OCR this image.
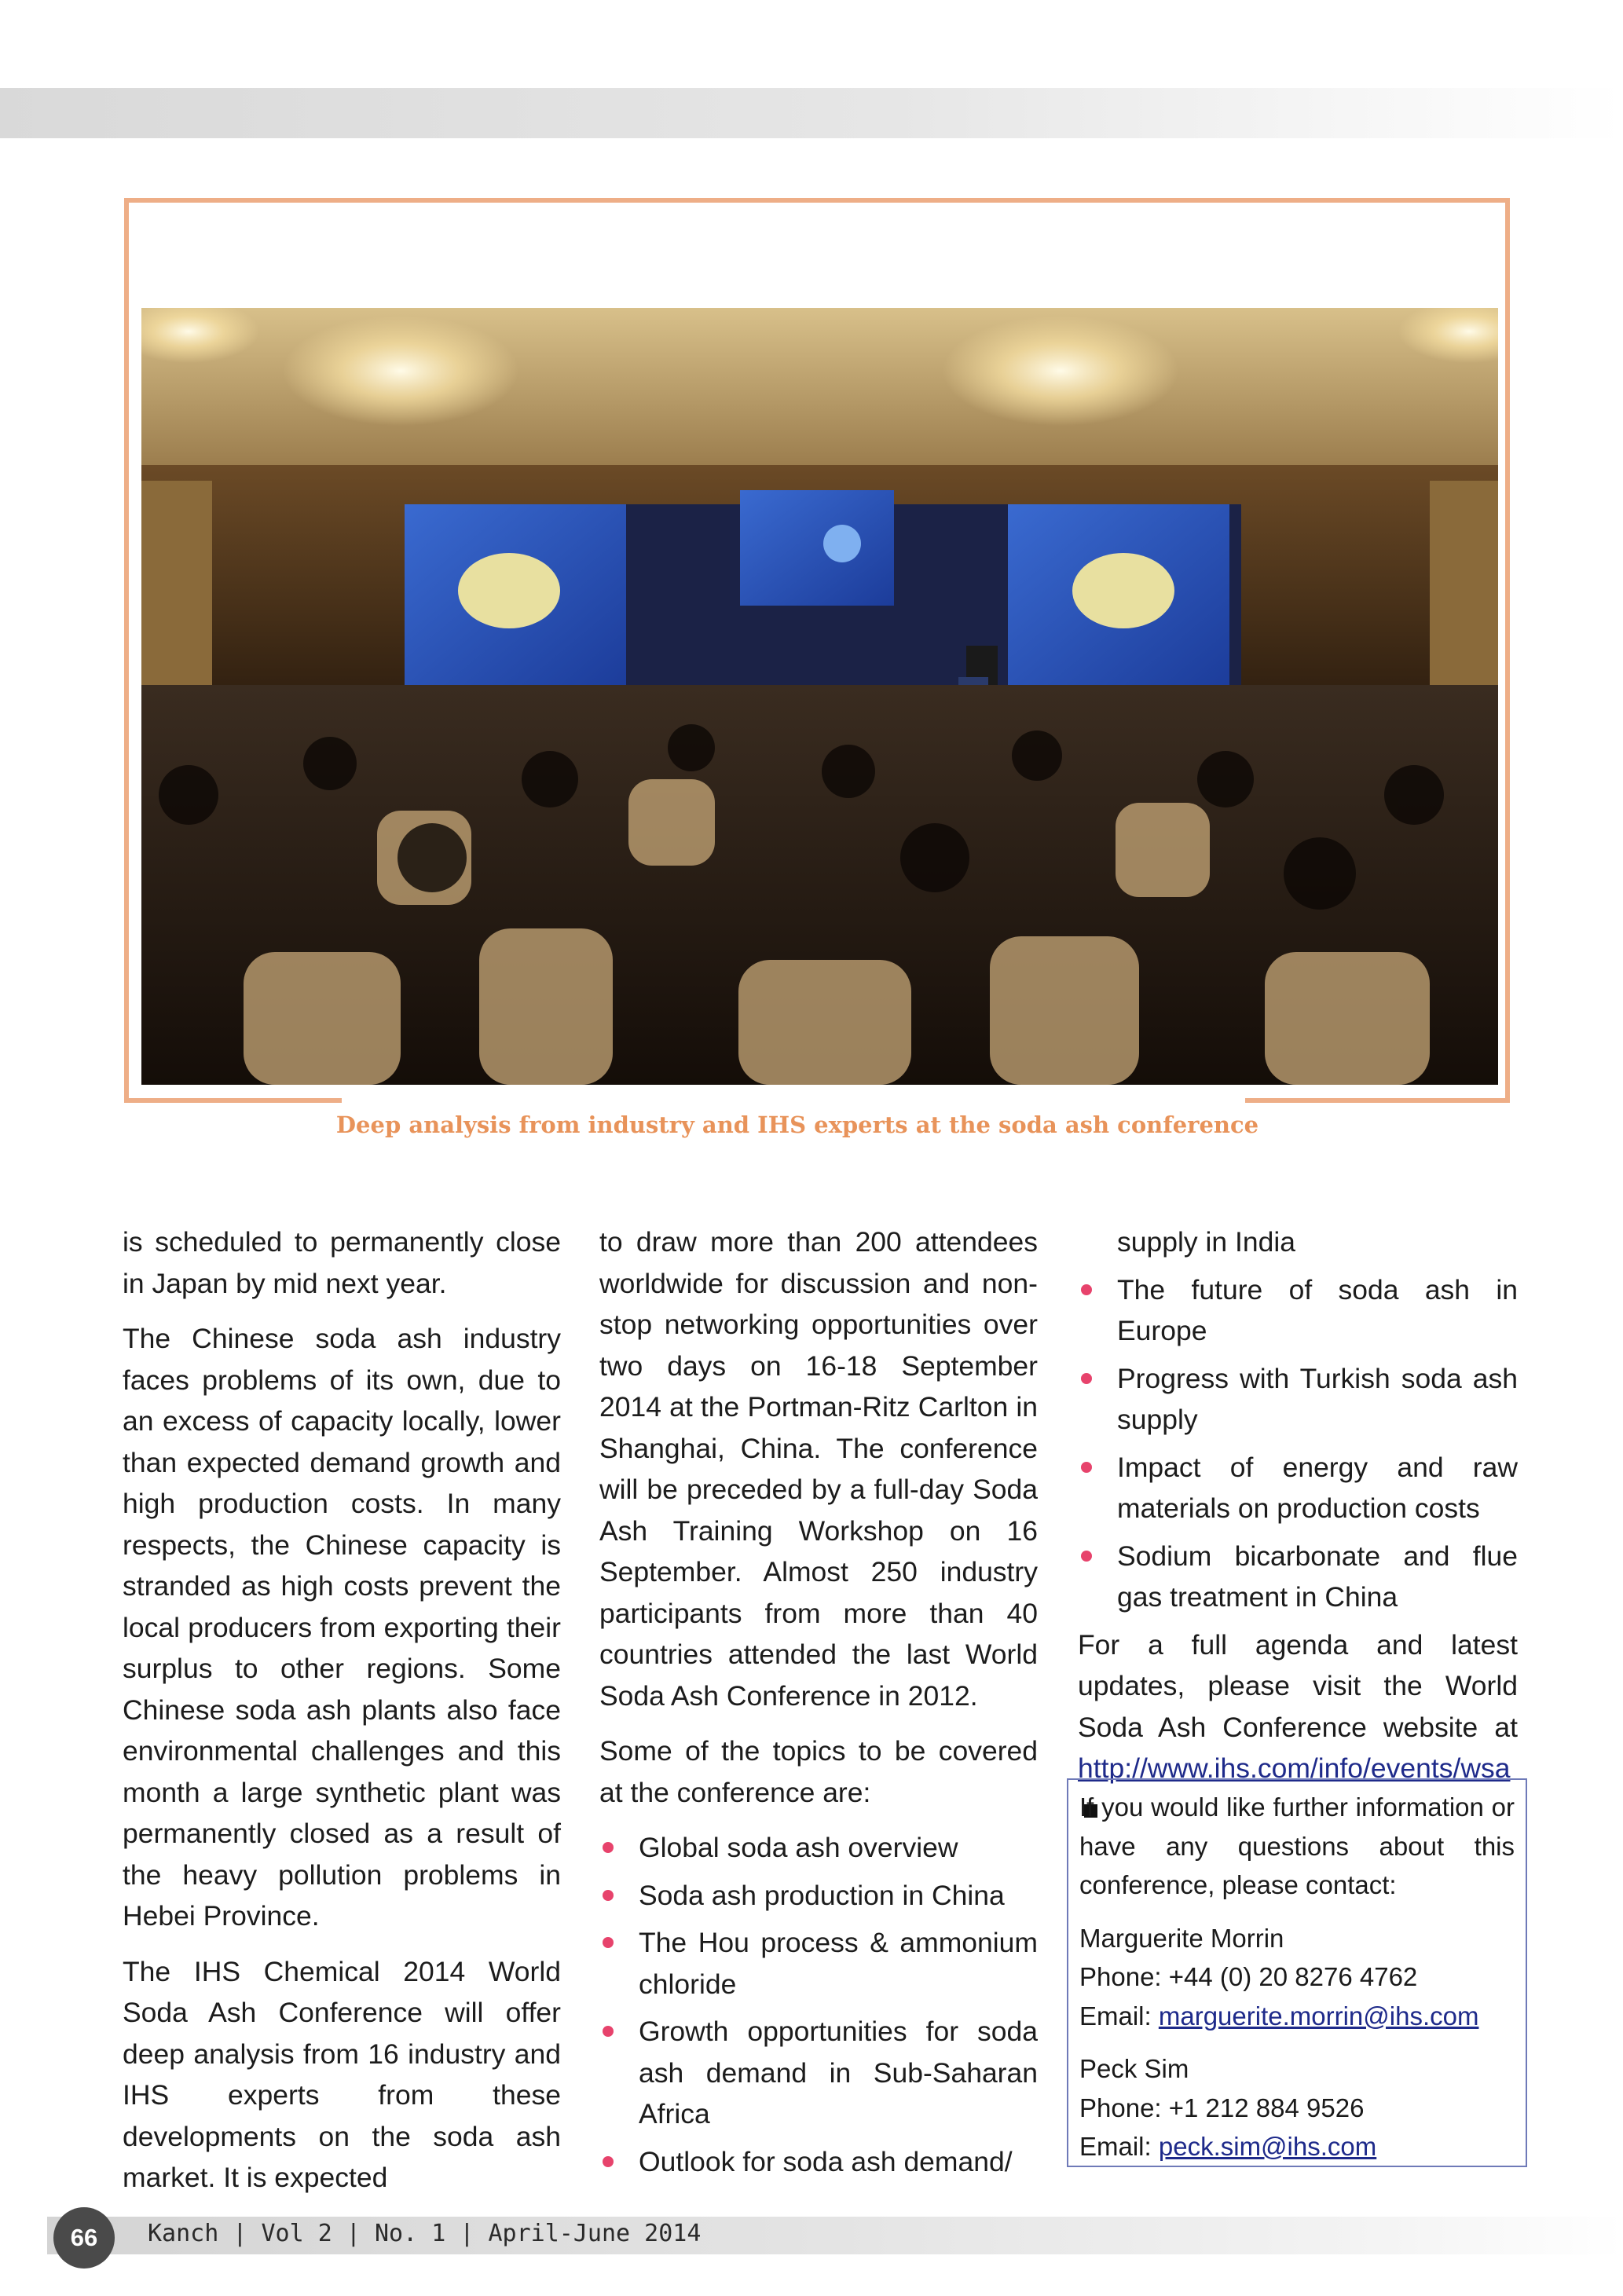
Deep analysis from industry and IHS experts at the soda ash conference

is scheduled to permanently close in Japan by mid next year.

The Chinese soda ash industry faces problems of its own, due to an excess of capacity locally, lower than expected demand growth and high production costs. In many respects, the Chinese capacity is stranded as high costs prevent the local producers from exporting their surplus to other regions. Some Chinese soda ash plants also face environmental challenges and this month a large synthetic plant was permanently closed as a result of the heavy pollution problems in Hebei Province.

The IHS Chemical 2014 World Soda Ash Conference will offer deep analysis from 16 industry and IHS experts from these developments on the soda ash market. It is expected

to draw more than 200 attendees worldwide for discussion and non-stop networking opportunities over two days on 16-18 September 2014 at the Portman-Ritz Carlton in Shanghai, China. The conference will be preceded by a full-day Soda Ash Training Workshop on 16 September. Almost 250 industry participants from more than 40 countries attended the last World Soda Ash Conference in 2012.

Some of the topics to be covered at the conference are:

Global soda ash overview
Soda ash production in China
The Hou process & ammonium chloride
Growth opportunities for soda ash demand in Sub-Saharan Africa
Outlook for soda ash demand/
supply in India
The future of soda ash in Europe
Progress with Turkish soda ash supply
Impact of energy and raw materials on production costs
Sodium bicarbonate and flue gas treatment in China

For a full agenda and latest updates, please visit the World Soda Ash Conference website at http://www.ihs.com/info/events/wsa

If you would like further information or have any questions about this conference, please contact:

Marguerite Morrin

Phone: +44 (0) 20 8276 4762

Email: marguerite.morrin@ihs.com

Peck Sim

Phone: +1 212 884 9526

Email: peck.sim@ihs.com

66	Kanch | Vol 2 | No. 1 | April-June 2014
